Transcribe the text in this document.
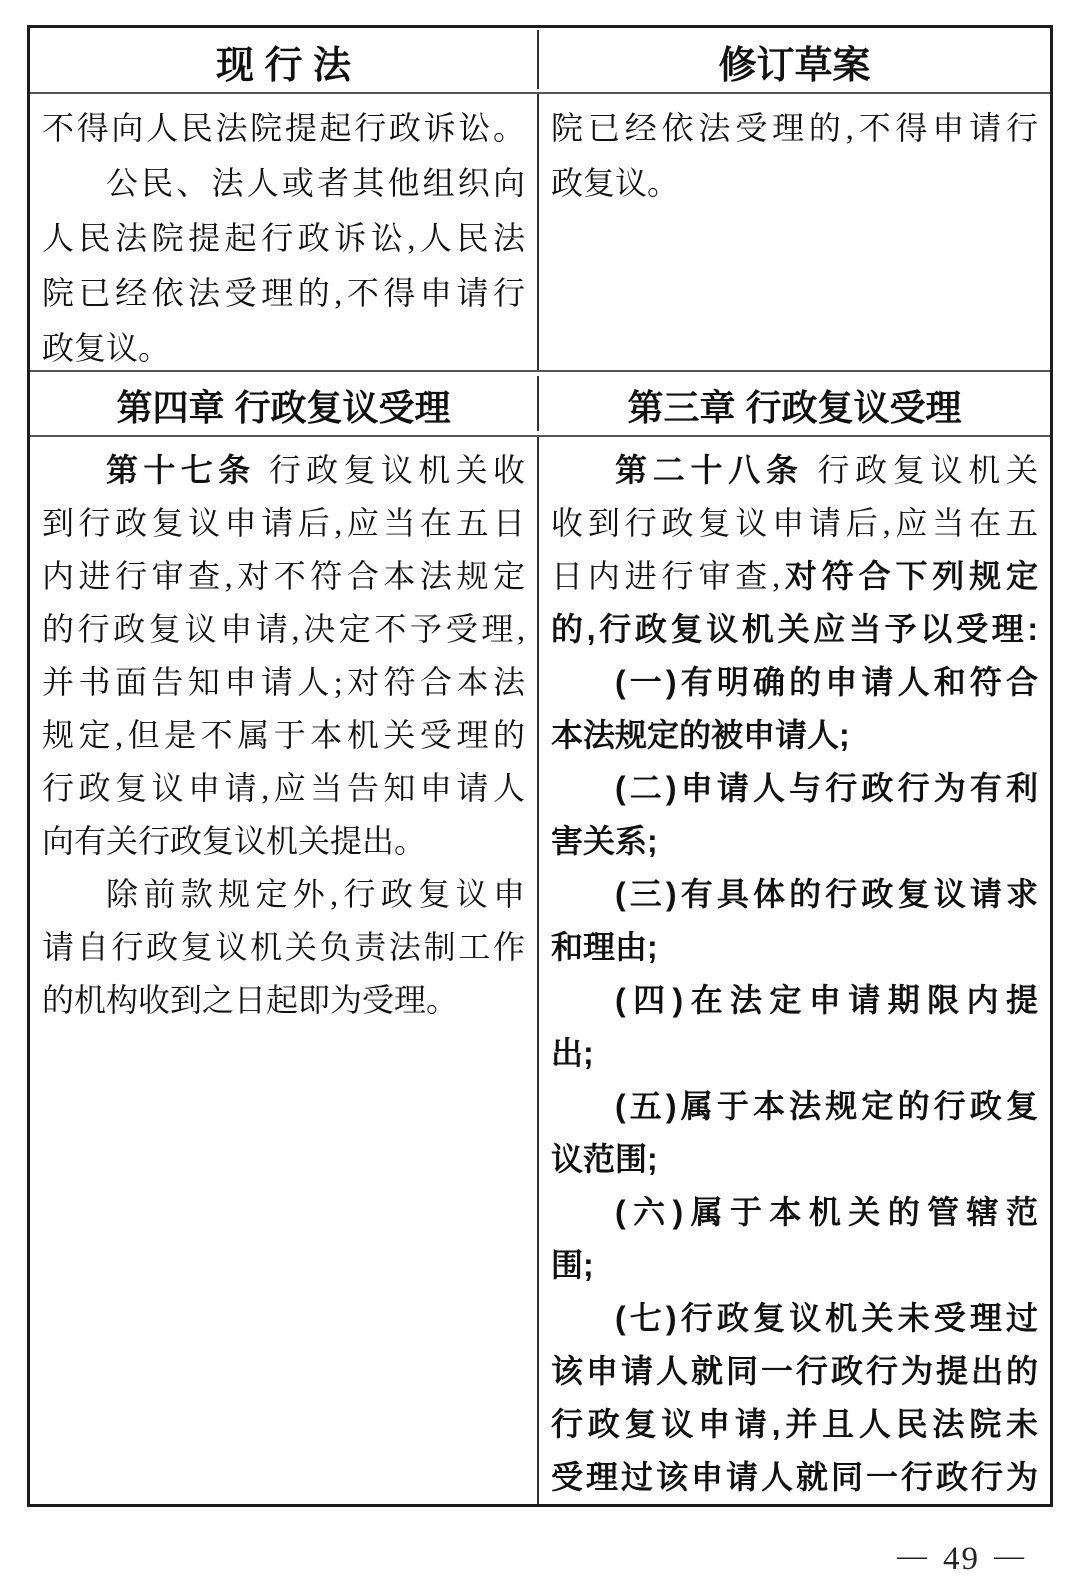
现 行 法	修订草案
不得向人民法院提起行政诉讼。
公民、法人或者其他组织向
人民法院提起行政诉讼,人民法
院已经依法受理的,不得申请行
政复议。
院已经依法受理的,不得申请行
政复议。
第四章 行政复议受理	第三章 行政复议受理
第十七条 行政复议机关收
到行政复议申请后,应当在五日
内进行审查,对不符合本法规定
的行政复议申请,决定不予受理,
并书面告知申请人;对符合本法
规定,但是不属于本机关受理的
行政复议申请,应当告知申请人
向有关行政复议机关提出。
除前款规定外,行政复议申
请自行政复议机关负责法制工作
的机构收到之日起即为受理。
第二十八条 行政复议机关
收到行政复议申请后,应当在五
日内进行审查,对符合下列规定
的,行政复议机关应当予以受理:
(一)有明确的申请人和符合
本法规定的被申请人;
(二)申请人与行政行为有利
害关系;
(三)有具体的行政复议请求
和理由;
(四)在法定申请期限内提
出;
(五)属于本法规定的行政复
议范围;
(六)属于本机关的管辖范
围;
(七)行政复议机关未受理过
该申请人就同一行政行为提出的
行政复议申请,并且人民法院未
受理过该申请人就同一行政行为
— 49 —
